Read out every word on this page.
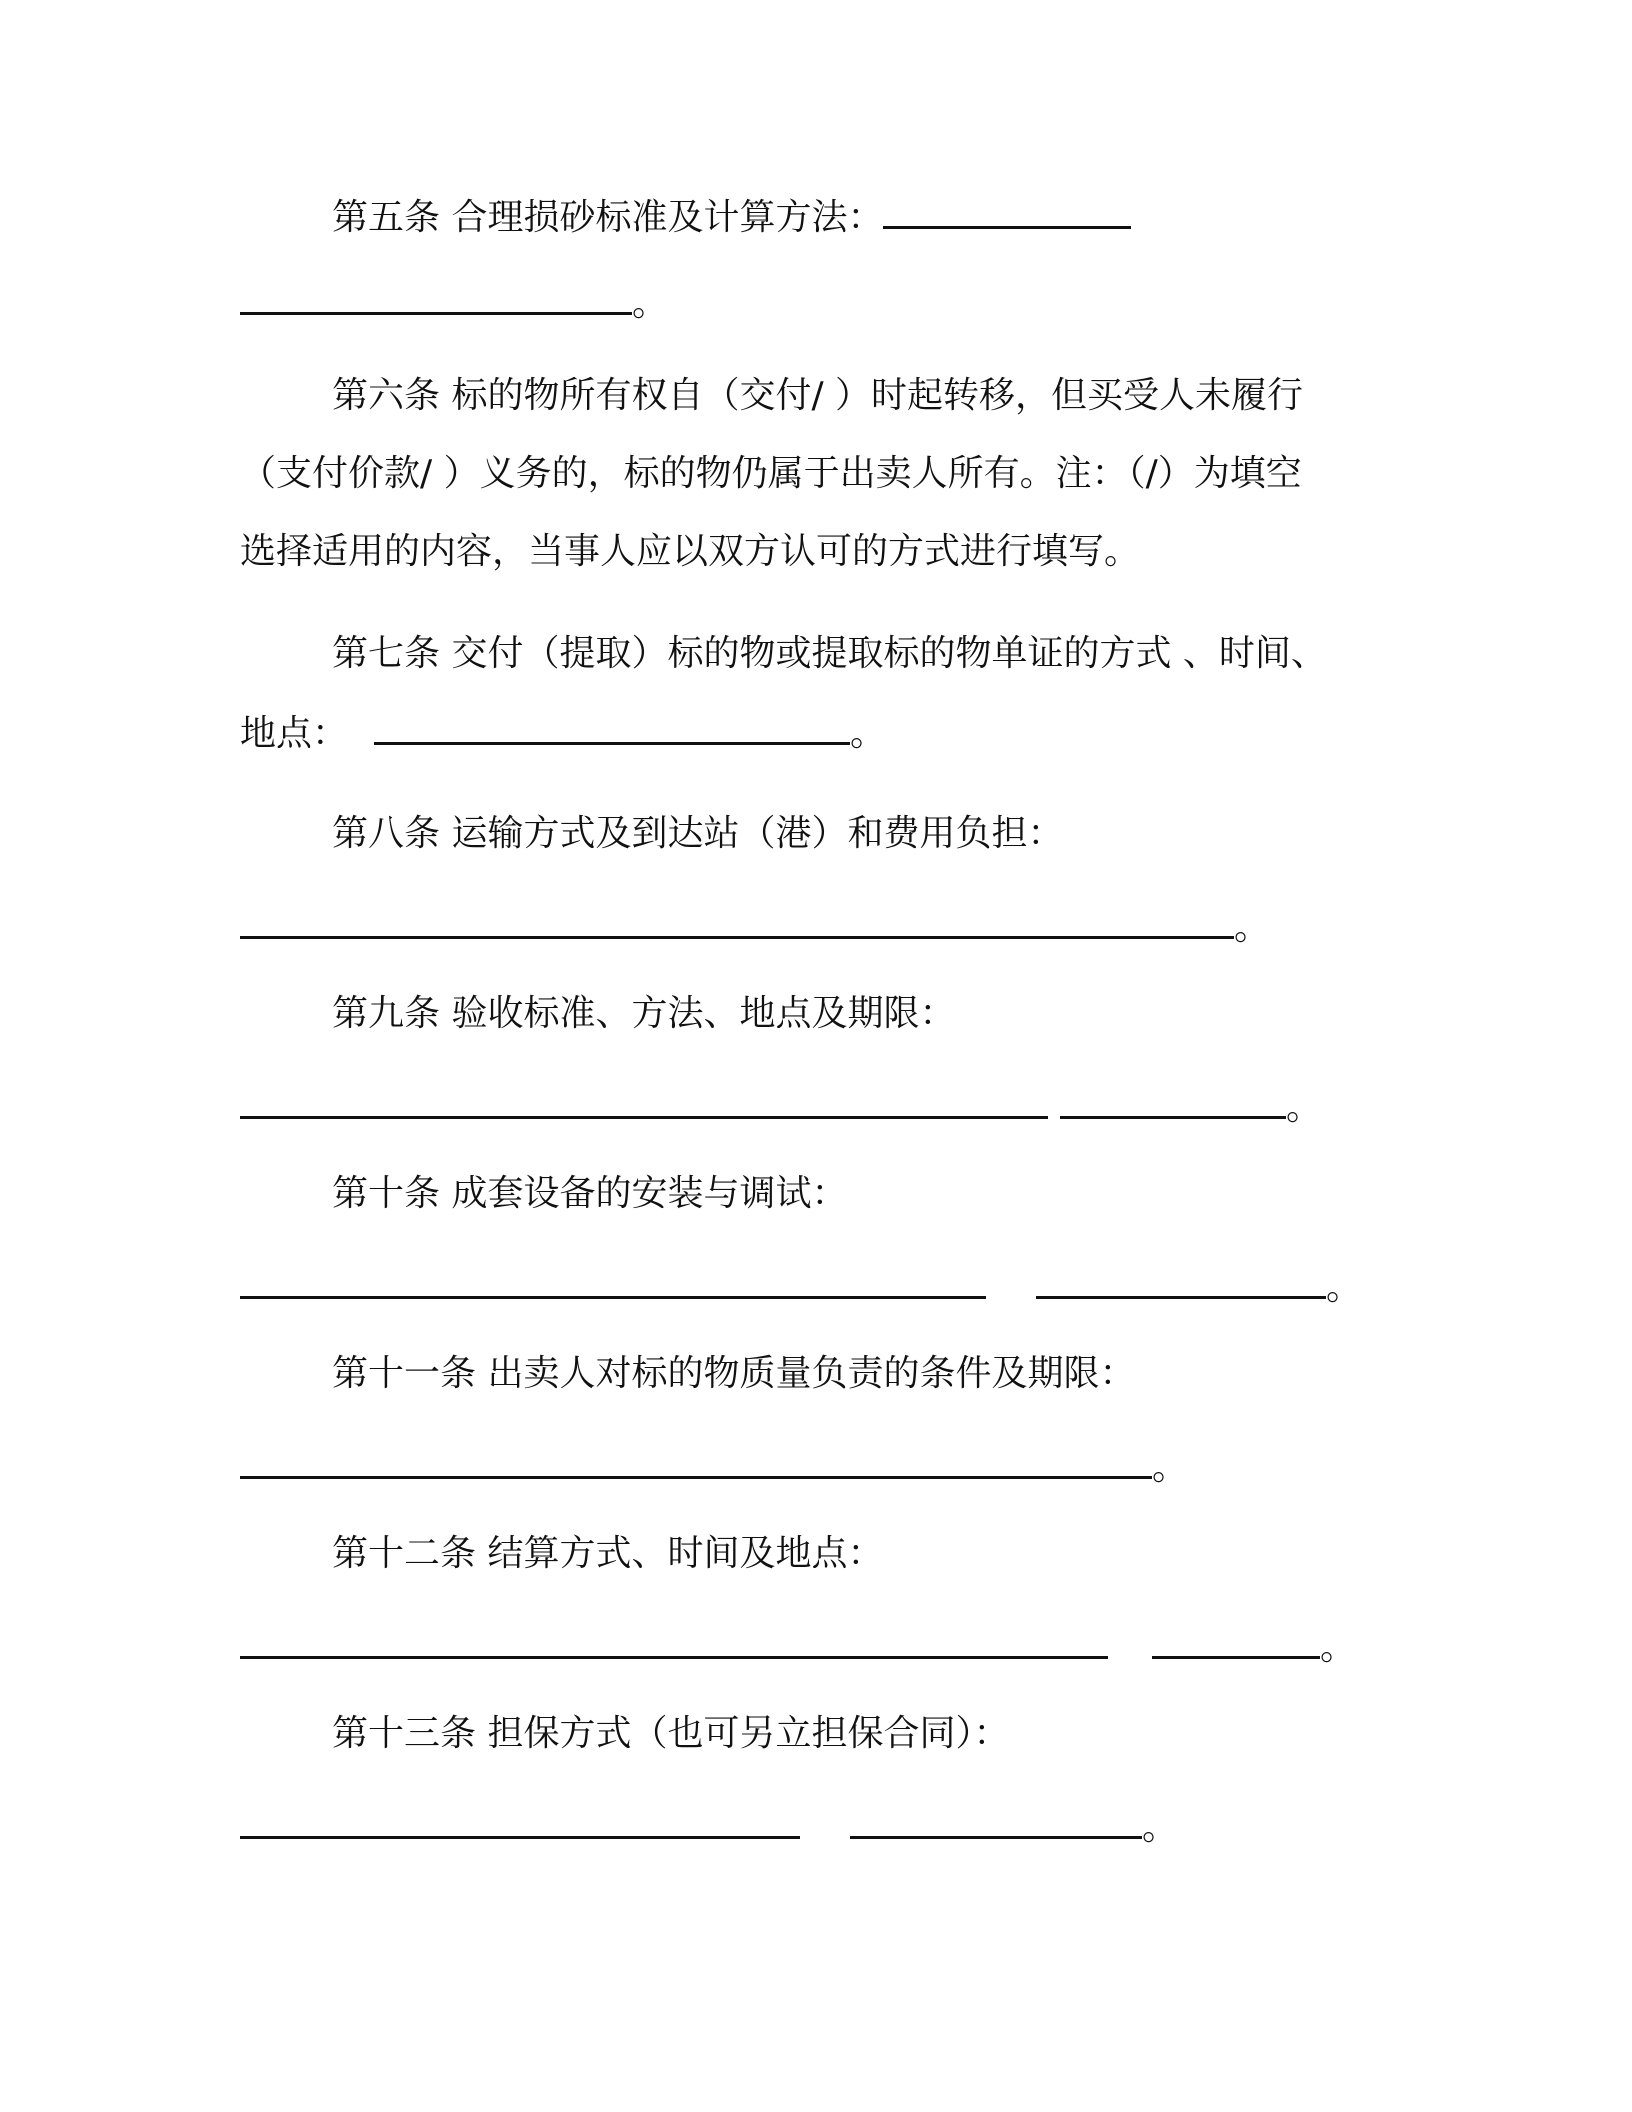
第五条 合理损砂标准及计算方法：
。
第六条 标的物所有权自（交付/ ）时起转移，但买受人未履行
（支付价款/ ）义务的，标的物仍属于出卖人所有。注：（/）为填空
选择适用的内容，当事人应以双方认可的方式进行填写。
第七条 交付（提取）标的物或提取标的物单证的方式 、时间、
地点：	。
第八条 运输方式及到达站（港）和费用负担：
。
第九条 验收标准、方法、地点及期限：
。
第十条 成套设备的安装与调试：
。
第十一条 出卖人对标的物质量负责的条件及期限：
。
第十二条 结算方式、时间及地点：
。
第十三条 担保方式（也可另立担保合同）：
。
